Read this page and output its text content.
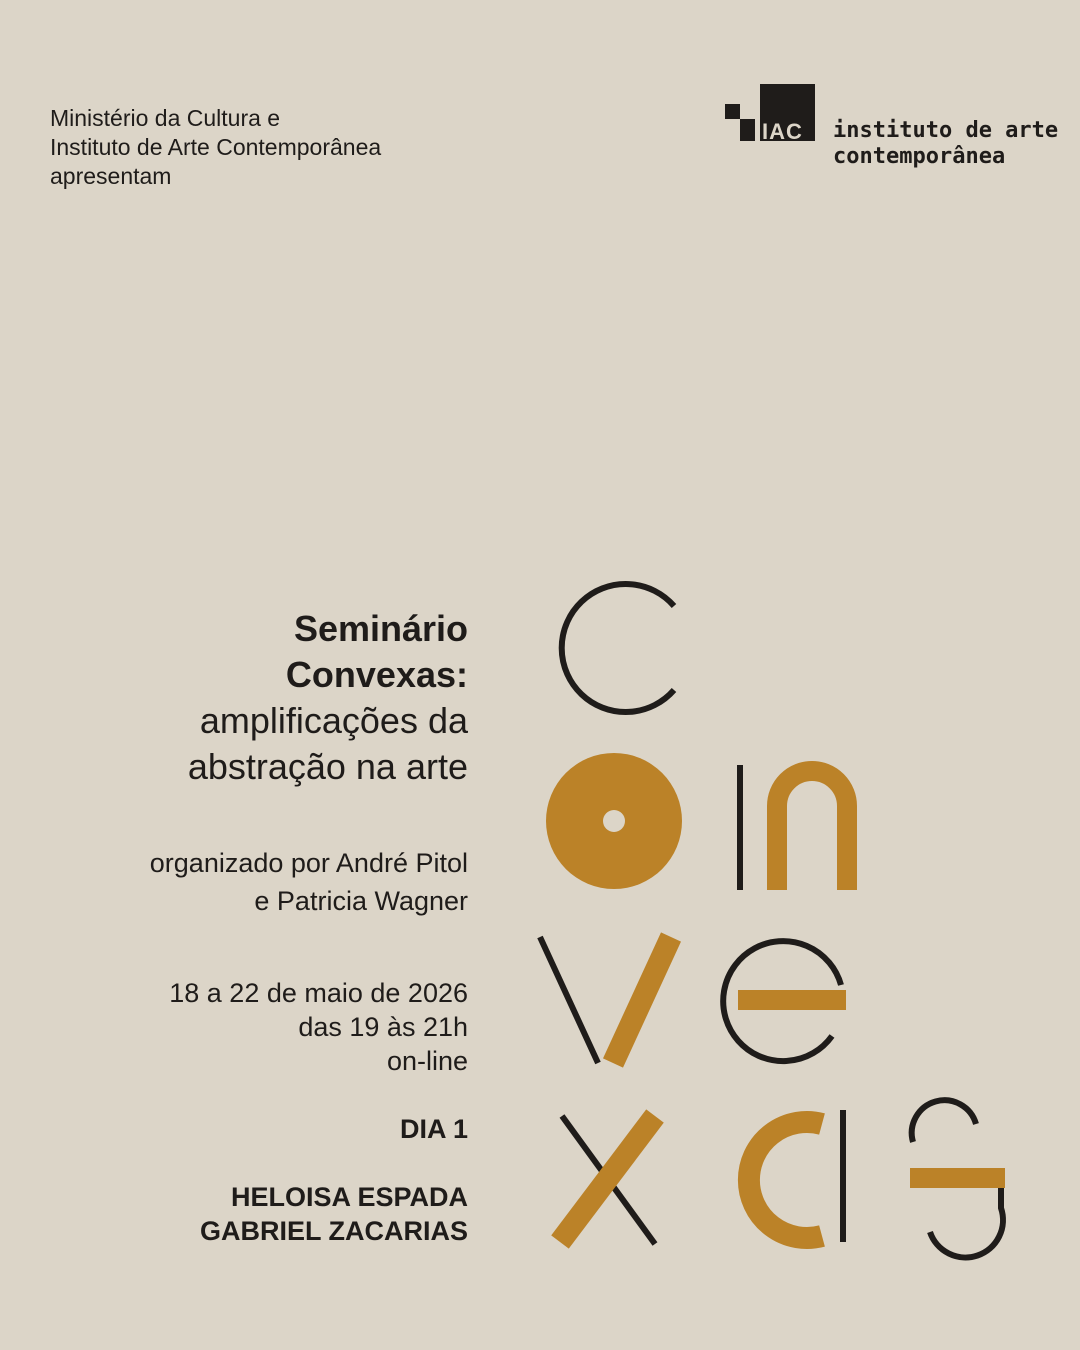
Ministério da Cultura e
Instituto de Arte Contemporânea
apresentam
IAC instituto de arte
contemporânea
Seminário
Convexas:
amplificações da
abstração na arte
organizado por André Pitol
e Patricia Wagner
18 a 22 de maio de 2026
das 19 às 21h
on-line
DIA 1
HELOISA ESPADA
GABRIEL ZACARIAS
